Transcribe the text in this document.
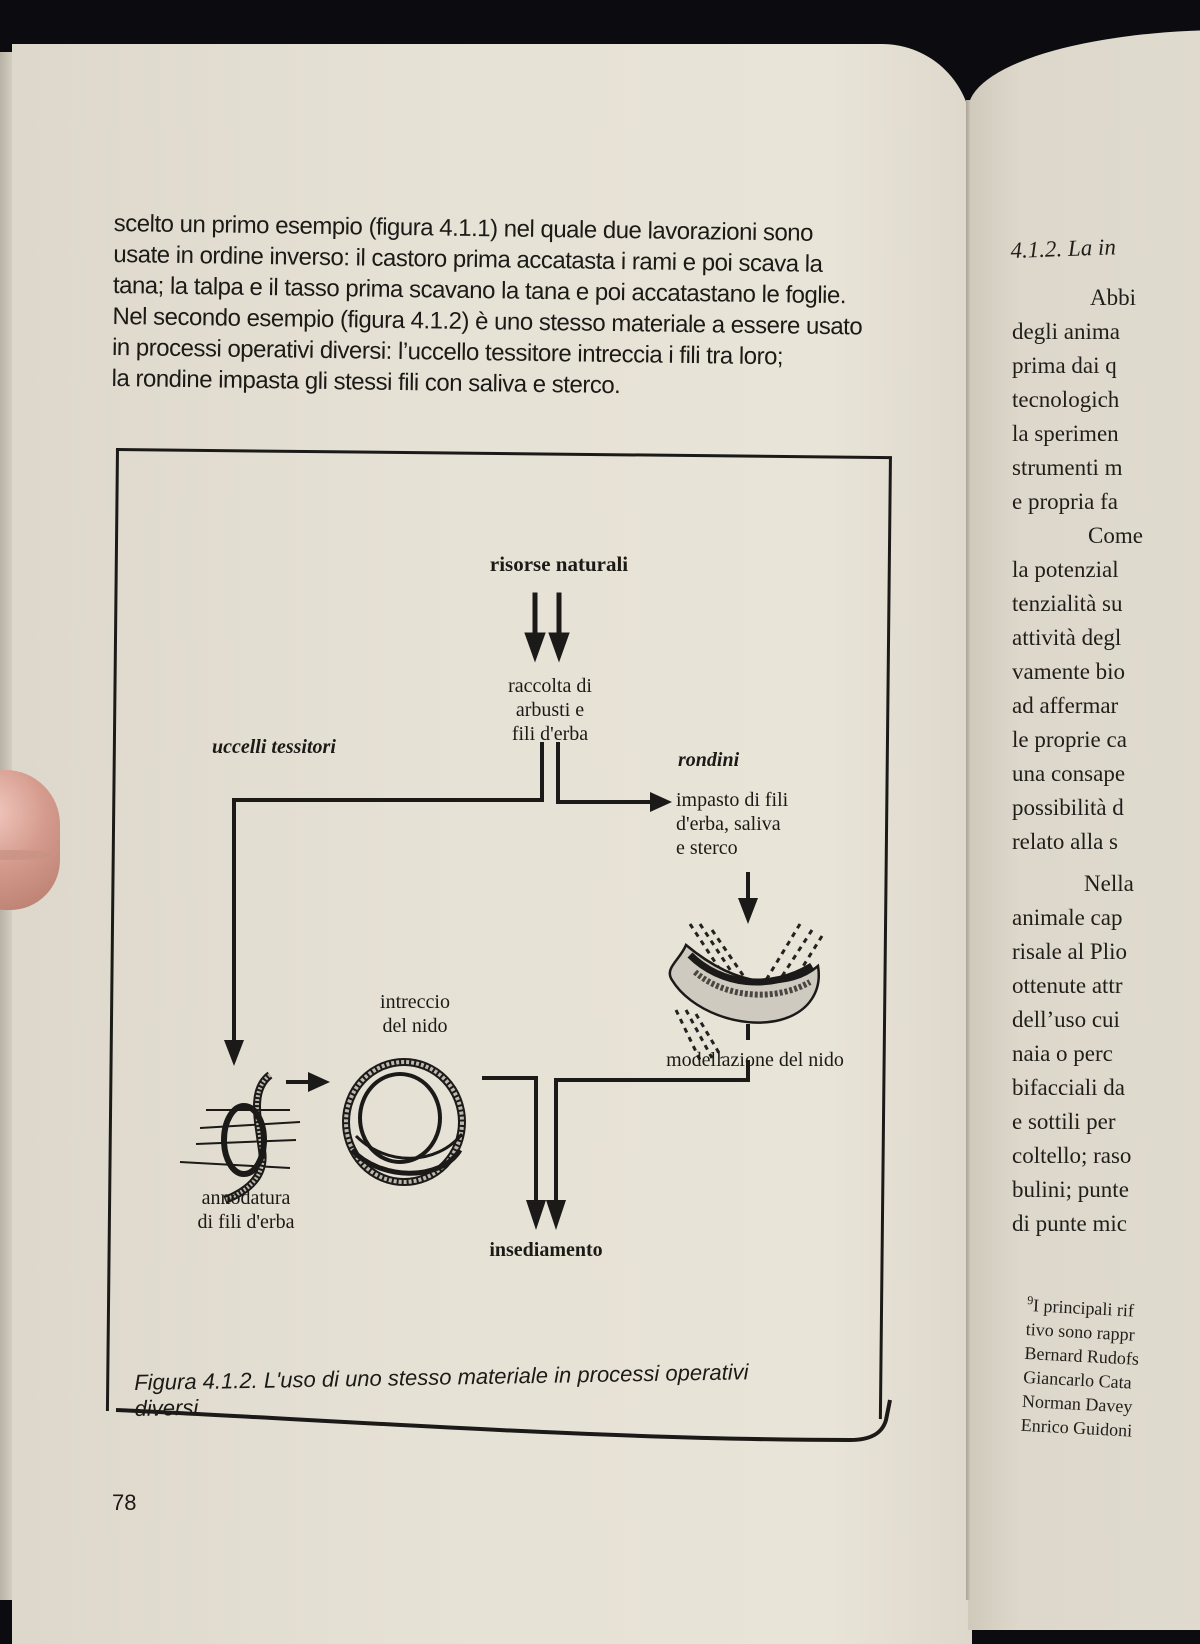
scelto un primo esempio (figura 4.1.1) nel quale due lavorazioni sono

usate in ordine inverso: il castoro prima accatasta i rami e poi scava la

tana; la talpa e il tasso prima scavano la tana e poi accatastano le foglie.

Nel secondo esempio (figura 4.1.2) è uno stesso materiale a essere usato

in processi operativi diversi: l’uccello tessitore intreccia i fili tra loro;

la rondine impasta gli stessi fili con saliva e sterco.

risorse naturali
raccolta di
arbusti e
fili d'erba
uccelli tessitori
rondini
impasto di fili
d'erba, saliva
e sterco
modellazione del nido
intreccio
del nido
annodatura
di fili d'erba
insediamento
Figura 4.1.2. L'uso di uno stesso materiale in processi operativi
diversi
78
4.1.2. La in
Abbi
degli anima
prima dai q
tecnologich
la sperimen
strumenti m
e propria fa
Come
la potenzial
tenzialità su
attività degl
vamente bio
ad affermar
le proprie ca
una consape
possibilità d
relato alla s
Nella
animale cap
risale al Plio
ottenute attr
dell’uso cui
naia o perc
bifacciali da
e sottili per
coltello; raso
bulini; punte
di punte mic
$^9$I principali rif
tivo sono rappr
Bernard Rudofs
Giancarlo Cata
Norman Davey
Enrico Guidoni
